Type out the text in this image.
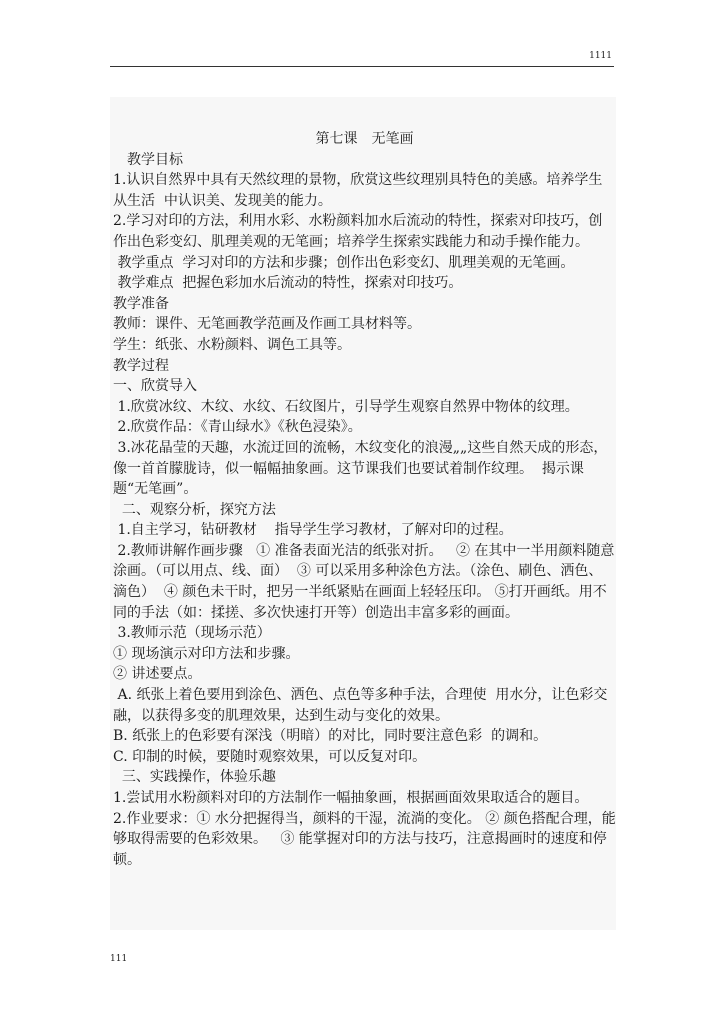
1111

第七课　无笔画

　教学目标

1.认识自然界中具有天然纹理的景物，欣赏这些纹理别具特色的美感。培养学生从生活  中认识美、发现美的能力。

2.学习对印的方法，利用水彩、水粉颜料加水后流动的特性，探索对印技巧，创作出色彩变幻、肌理美观的无笔画；培养学生探索实践能力和动手操作能力。

教学重点  学习对印的方法和步骤；创作出色彩变幻、肌理美观的无笔画。

教学难点  把握色彩加水后流动的特性，探索对印技巧。

教学准备

教师：课件、无笔画教学范画及作画工具材料等。

学生：纸张、水粉颜料、调色工具等。

教学过程

一、欣赏导入

1.欣赏冰纹、木纹、水纹、石纹图片，引导学生观察自然界中物体的纹理。

2.欣赏作品：《青山绿水》《秋色浸染》。

3.冰花晶莹的天趣，水流迂回的流畅，木纹变化的浪漫„„这些自然天成的形态，像一首首朦胧诗，似一幅幅抽象画。这节课我们也要试着制作纹理。  揭示课题“无笔画”。

二、观察分析，探究方法

1.自主学习，钻研教材    指导学生学习教材，了解对印的过程。

2.教师讲解作画步骤   ① 准备表面光洁的纸张对折。   ② 在其中一半用颜料随意涂画。（可以用点、线、面）  ③ 可以采用多种涂色方法。（涂色、刷色、洒色、滴色）  ④ 颜色未干时，把另一半纸紧贴在画面上轻轻压印。 ⑤打开画纸。用不同的手法（如：揉搓、多次快速打开等）创造出丰富多彩的画面。

3.教师示范（现场示范）

① 现场演示对印方法和步骤。

② 讲述要点。

A. 纸张上着色要用到涂色、洒色、点色等多种手法，合理使  用水分，让色彩交融，以获得多变的肌理效果，达到生动与变化的效果。

B. 纸张上的色彩要有深浅（明暗）的对比，同时要注意色彩  的调和。

C. 印制的时候，要随时观察效果，可以反复对印。

三、实践操作，体验乐趣

1.尝试用水粉颜料对印的方法制作一幅抽象画，根据画面效果取适合的题目。

2.作业要求：① 水分把握得当，颜料的干湿，流淌的变化。 ② 颜色搭配合理，能够取得需要的色彩效果。   ③ 能掌握对印的方法与技巧，注意揭画时的速度和停顿。

111
